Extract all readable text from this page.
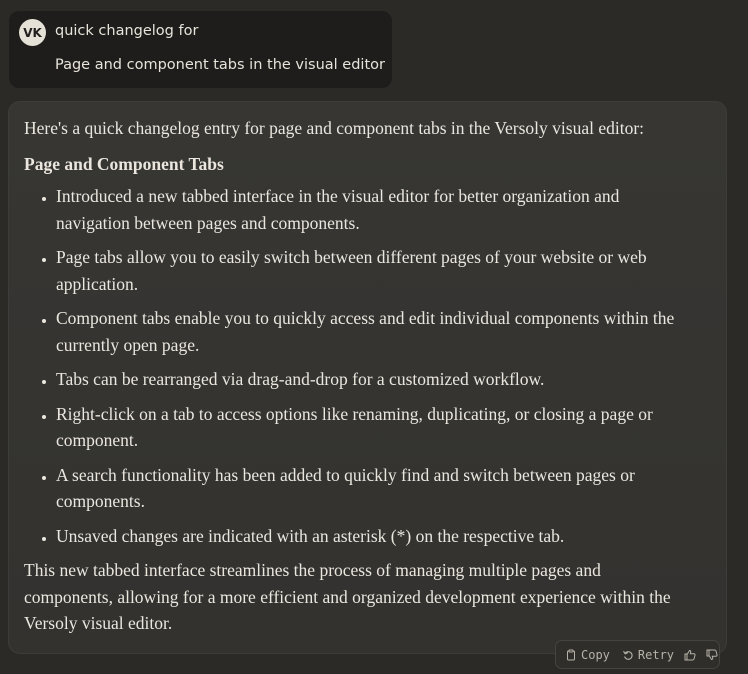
VK quick changelog for
Page and component tabs in the visual editor

Here's a quick changelog entry for page and component tabs in the Versoly visual editor:

Page and Component Tabs

• Introduced a new tabbed interface in the visual editor for better organization and navigation between pages and components.
• Page tabs allow you to easily switch between different pages of your website or web application.
• Component tabs enable you to quickly access and edit individual components within the currently open page.
• Tabs can be rearranged via drag-and-drop for a customized workflow.
• Right-click on a tab to access options like renaming, duplicating, or closing a page or component.
• A search functionality has been added to quickly find and switch between pages or components.
• Unsaved changes are indicated with an asterisk (*) on the respective tab.

This new tabbed interface streamlines the process of managing multiple pages and components, allowing for a more efficient and organized development experience within the Versoly visual editor.

Copy Retry
